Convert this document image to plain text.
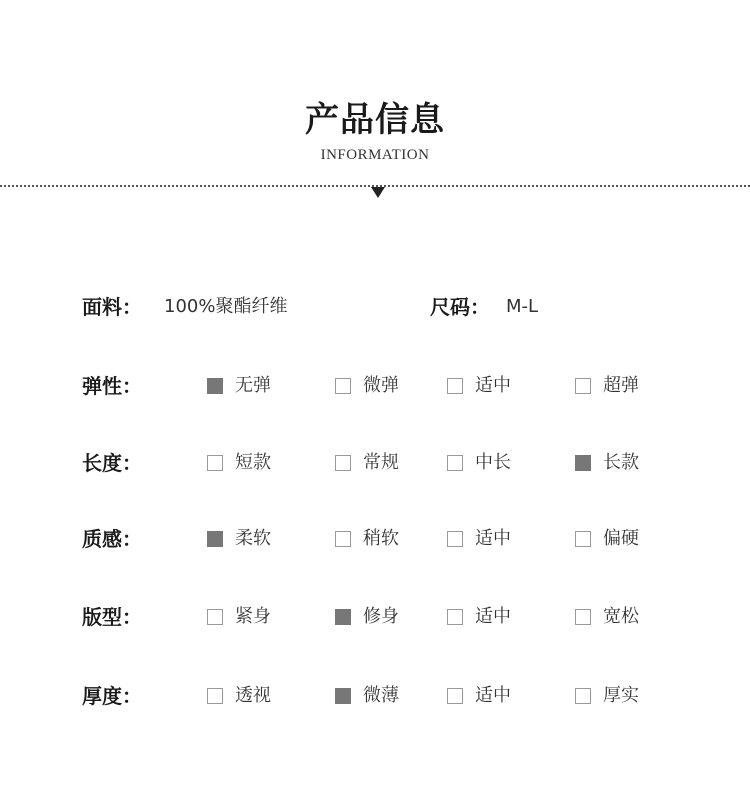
产品信息
INFORMATION
面料： 100%聚酯纤维	尺码： M-L
弹性：	无弹	微弹	适中	超弹
长度：	短款	常规	中长	长款
质感：	柔软	稍软	适中	偏硬
版型：	紧身	修身	适中	宽松
厚度：	透视	微薄	适中	厚实
